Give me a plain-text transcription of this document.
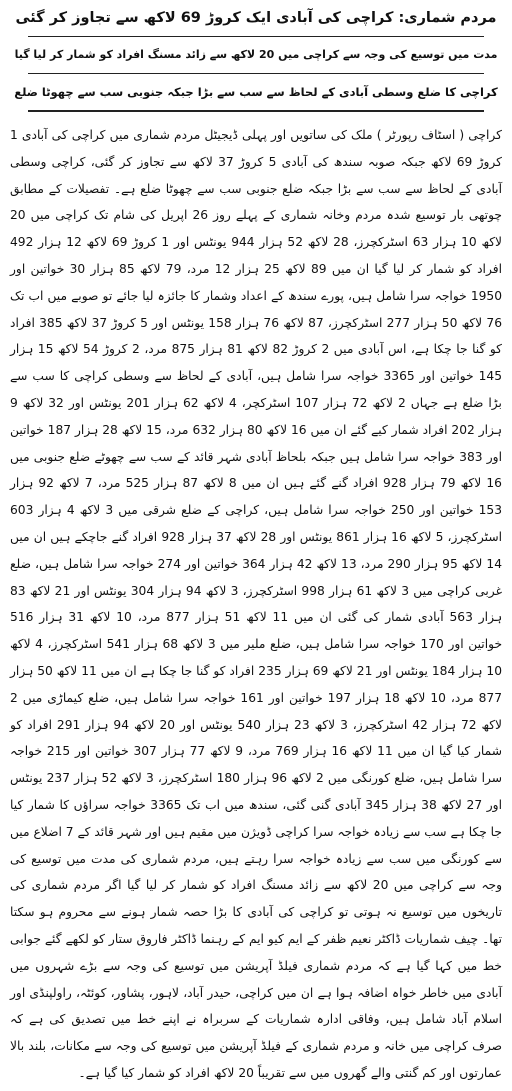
مردم شماری: کراچی کی آبادی ایک کروڑ 69 لاکھ سے تجاوز کر گئی
مدت میں توسیع کی وجہ سے کراچی میں 20 لاکھ سے زائد مسنگ افراد کو شمار کر لیا گیا
کراچی کا ضلع وسطی آبادی کے لحاظ سے سب سے بڑا جبکہ جنوبی سب سے چھوٹا ضلع

کراچی ( اسٹاف رپورٹر ) ملک کی ساتویں اور پہلی ڈیجیٹل مردم شماری میں کراچی کی آبادی 1 کروڑ 69 لاکھ جبکہ صوبہ سندھ کی آبادی 5 کروڑ 37 لاکھ سے تجاوز کر گئی، کراچی وسطی آبادی کے لحاظ سے سب سے بڑا جبکہ ضلع جنوبی سب سے چھوٹا ضلع ہے۔ تفصیلات کے مطابق چوتھی بار توسیع شدہ مردم وخانہ شماری کے پہلے روز 26 اپریل کی شام تک کراچی میں 20 لاکھ 10 ہزار 63 اسٹرکچرز، 28 لاکھ 52 ہزار 944 یونٹس اور 1 کروڑ 69 لاکھ 12 ہزار 492 افراد کو شمار کر لیا گیا ان میں 89 لاکھ 25 ہزار 12 مرد، 79 لاکھ 85 ہزار 30 خواتین اور 1950 خواجہ سرا شامل ہیں، پورے سندھ کے اعداد وشمار کا جائزہ لیا جائے تو صوبے میں اب تک 76 لاکھ 50 ہزار 277 اسٹرکچرز، 87 لاکھ 76 ہزار 158 یونٹس اور 5 کروڑ 37 لاکھ 385 افراد کو گنا جا چکا ہے، اس آبادی میں 2 کروڑ 82 لاکھ 81 ہزار 875 مرد، 2 کروڑ 54 لاکھ 15 ہزار 145 خواتین اور 3365 خواجہ سرا شامل ہیں، آبادی کے لحاظ سے وسطی کراچی کا سب سے بڑا ضلع ہے جہاں 2 لاکھ 72 ہزار 107 اسٹرکچر، 4 لاکھ 62 ہزار 201 یونٹس اور 32 لاکھ 9 ہزار 202 افراد شمار کیے گئے ان میں 16 لاکھ 80 ہزار 632 مرد، 15 لاکھ 28 ہزار 187 خواتین اور 383 خواجہ سرا شامل ہیں جبکہ بلحاظ آبادی شہر قائد کے سب سے چھوٹے ضلع جنوبی میں 16 لاکھ 79 ہزار 928 افراد گنے گئے ہیں ان میں 8 لاکھ 87 ہزار 525 مرد، 7 لاکھ 92 ہزار 153 خواتین اور 250 خواجہ سرا شامل ہیں، کراچی کے ضلع شرقی میں 3 لاکھ 4 ہزار 603 اسٹرکچرز، 5 لاکھ 16 ہزار 861 یونٹس اور 28 لاکھ 37 ہزار 928 افراد گنے جاچکے ہیں ان میں 14 لاکھ 95 ہزار 290 مرد، 13 لاکھ 42 ہزار 364 خواتین اور 274 خواجہ سرا شامل ہیں، ضلع غربی کراچی میں 3 لاکھ 61 ہزار 998 اسٹرکچرز، 3 لاکھ 94 ہزار 304 یونٹس اور 21 لاکھ 83 ہزار 563 آبادی شمار کی گئی ان میں 11 لاکھ 51 ہزار 877 مرد، 10 لاکھ 31 ہزار 516 خواتین اور 170 خواجہ سرا شامل ہیں، ضلع ملیر میں 3 لاکھ 68 ہزار 541 اسٹرکچرز، 4 لاکھ 10 ہزار 184 یونٹس اور 21 لاکھ 69 ہزار 235 افراد کو گنا جا چکا ہے ان میں 11 لاکھ 50 ہزار 877 مرد، 10 لاکھ 18 ہزار 197 خواتین اور 161 خواجہ سرا شامل ہیں، ضلع کیماڑی میں 2 لاکھ 72 ہزار 42 اسٹرکچرز، 3 لاکھ 23 ہزار 540 یونٹس اور 20 لاکھ 94 ہزار 291 افراد کو شمار کیا گیا ان میں 11 لاکھ 16 ہزار 769 مرد، 9 لاکھ 77 ہزار 307 خواتین اور 215 خواجہ سرا شامل ہیں، ضلع کورنگی میں 2 لاکھ 96 ہزار 180 اسٹرکچرز، 3 لاکھ 52 ہزار 237 یونٹس اور 27 لاکھ 38 ہزار 345 آبادی گنی گئی، سندھ میں اب تک 3365 خواجہ سراؤں کا شمار کیا جا چکا ہے سب سے زیادہ خواجہ سرا کراچی ڈویژن میں مقیم ہیں اور شہر قائد کے 7 اضلاع میں سے کورنگی میں سب سے زیادہ خواجہ سرا رہتے ہیں، مردم شماری کی مدت میں توسیع کی وجہ سے کراچی میں 20 لاکھ سے زائد مسنگ افراد کو شمار کر لیا گیا اگر مردم شماری کی تاریخوں میں توسیع نہ ہوتی تو کراچی کی آبادی کا بڑا حصہ شمار ہونے سے محروم ہو سکتا تھا۔ چیف شماریات ڈاکٹر نعیم ظفر کے ایم کیو ایم کے رہنما ڈاکٹر فاروق ستار کو لکھے گئے جوابی خط میں کہا گیا ہے کہ مردم شماری فیلڈ آپریشن میں توسیع کی وجہ سے بڑے شہروں میں آبادی میں خاطر خواہ اضافہ ہوا ہے ان میں کراچی، حیدر آباد، لاہور، پشاور، کوئٹہ، راولپنڈی اور اسلام آباد شامل ہیں، وفاقی ادارہ شماریات کے سربراہ نے اپنے خط میں تصدیق کی ہے کہ صرف کراچی میں خانہ و مردم شماری کے فیلڈ آپریشن میں توسیع کی وجہ سے مکانات، بلند بالا عمارتوں اور کم گنتی والے گھروں میں سے تقریباً 20 لاکھ افراد کو شمار کیا گیا ہے۔
